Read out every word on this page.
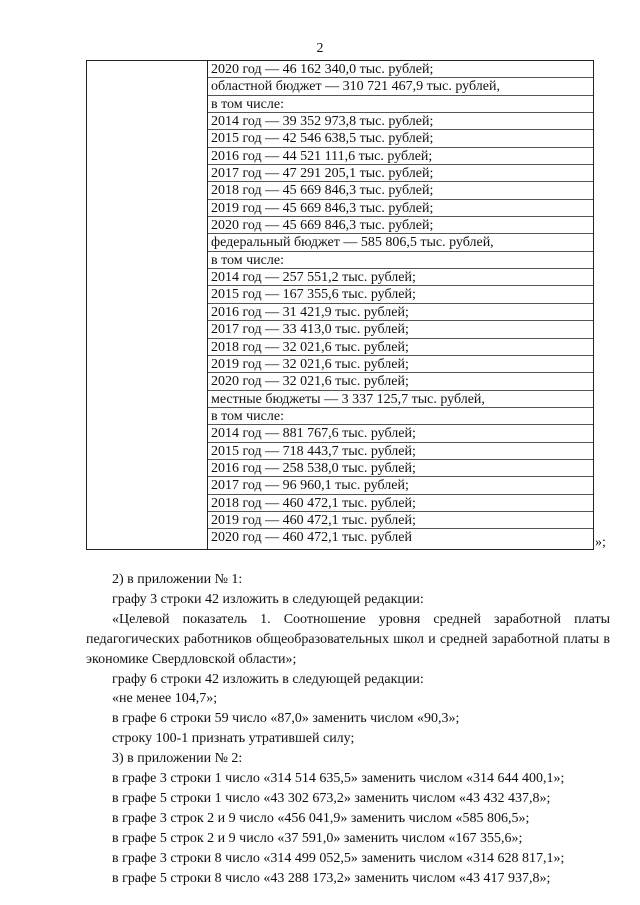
2
2020 год — 46 162 340,0 тыс. рублей;
областной бюджет — 310 721 467,9 тыс. рублей,
в том числе:
2014 год — 39 352 973,8 тыс. рублей;
2015 год — 42 546 638,5 тыс. рублей;
2016 год — 44 521 111,6 тыс. рублей;
2017 год — 47 291 205,1 тыс. рублей;
2018 год — 45 669 846,3 тыс. рублей;
2019 год — 45 669 846,3 тыс. рублей;
2020 год — 45 669 846,3 тыс. рублей;
федеральный бюджет — 585 806,5 тыс. рублей,
в том числе:
2014 год — 257 551,2 тыс. рублей;
2015 год — 167 355,6 тыс. рублей;
2016 год — 31 421,9 тыс. рублей;
2017 год — 33 413,0 тыс. рублей;
2018 год — 32 021,6 тыс. рублей;
2019 год — 32 021,6 тыс. рублей;
2020 год — 32 021,6 тыс. рублей;
местные бюджеты — 3 337 125,7 тыс. рублей,
в том числе:
2014 год — 881 767,6 тыс. рублей;
2015 год — 718 443,7 тыс. рублей;
2016 год — 258 538,0 тыс. рублей;
2017 год — 96 960,1 тыс. рублей;
2018 год — 460 472,1 тыс. рублей;
2019 год — 460 472,1 тыс. рублей;
2020 год — 460 472,1 тыс. рублей	»;

2) в приложении № 1:

графу 3 строки 42 изложить в следующей редакции:

«Целевой показатель 1. Соотношение уровня средней заработной платы педагогических работников общеобразовательных школ и средней заработной платы в экономике Свердловской области»;

графу 6 строки 42 изложить в следующей редакции:

«не менее 104,7»;

в графе 6 строки 59 число «87,0» заменить числом «90,3»;

строку 100-1 признать утратившей силу;

3) в приложении № 2:

в графе 3 строки 1 число «314 514 635,5» заменить числом «314 644 400,1»;

в графе 5 строки 1 число «43 302 673,2» заменить числом «43 432 437,8»;

в графе 3 строк 2 и 9 число «456 041,9» заменить числом «585 806,5»;

в графе 5 строк 2 и 9 число «37 591,0» заменить числом «167 355,6»;

в графе 3 строки 8 число «314 499 052,5» заменить числом «314 628 817,1»;

в графе 5 строки 8 число «43 288 173,2» заменить числом «43 417 937,8»;
